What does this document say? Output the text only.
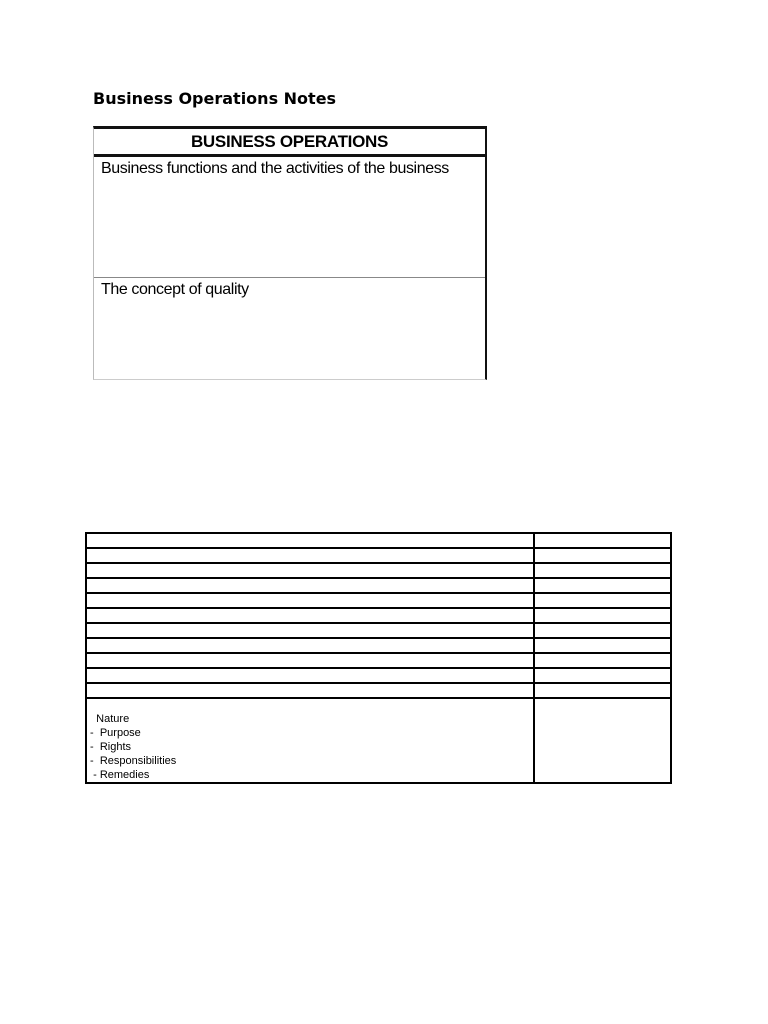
Business Operations Notes
BUSINESS OPERATIONS
Business functions and the activities of the business
The concept of quality

Nature
-  Purpose
-  Rights
-  Responsibilities
- Remedies	
